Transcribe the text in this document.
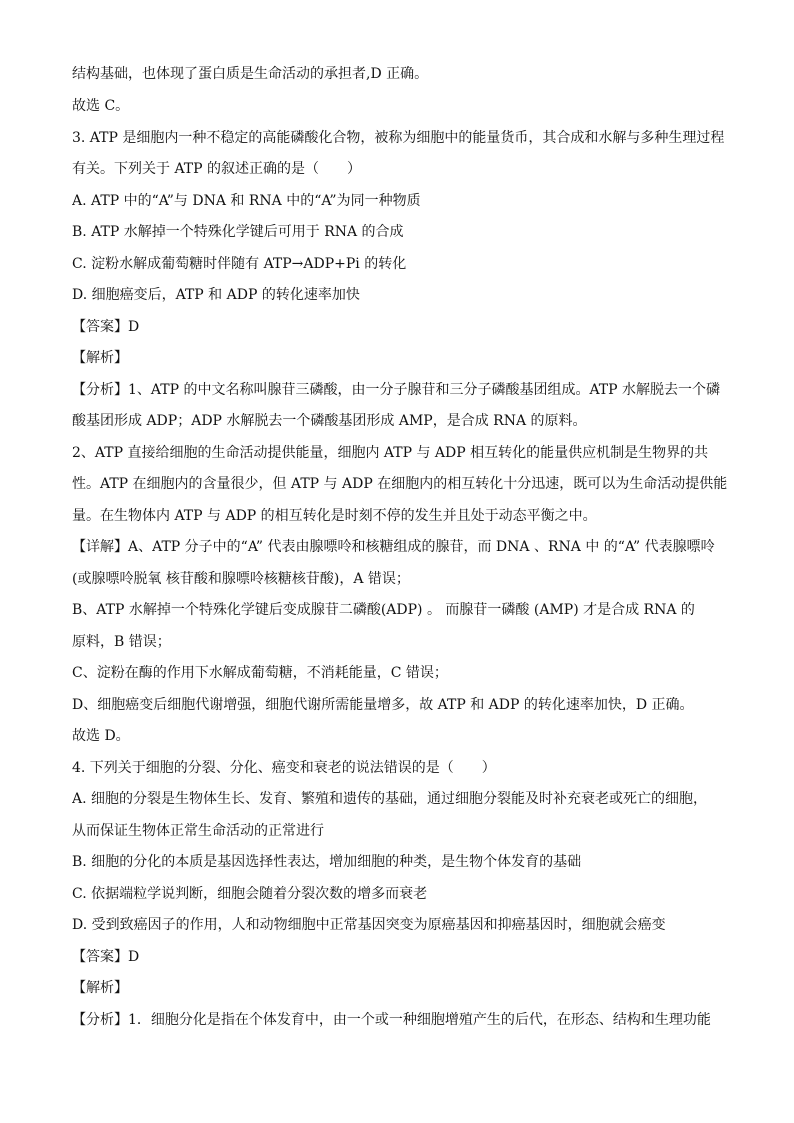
结构基础，也体现了蛋白质是生命活动的承担者,D 正确。
故选 C。
3. ATP 是细胞内一种不稳定的高能磷酸化合物，被称为细胞中的能量货币，其合成和水解与多种生理过程
有关。下列关于 ATP 的叙述正确的是（　　）
A. ATP 中的“A”与 DNA 和 RNA 中的“A”为同一种物质
B. ATP 水解掉一个特殊化学键后可用于 RNA 的合成
C. 淀粉水解成葡萄糖时伴随有 ATP→ADP+Pi 的转化
D. 细胞癌变后，ATP 和 ADP 的转化速率加快
【答案】D
【解析】
【分析】1、ATP 的中文名称叫腺苷三磷酸，由一分子腺苷和三分子磷酸基团组成。ATP 水解脱去一个磷
酸基团形成 ADP；ADP 水解脱去一个磷酸基团形成 AMP，是合成 RNA 的原料。
2、ATP 直接给细胞的生命活动提供能量，细胞内 ATP 与 ADP 相互转化的能量供应机制是生物界的共
性。ATP 在细胞内的含量很少，但 ATP 与 ADP 在细胞内的相互转化十分迅速，既可以为生命活动提供能
量。在生物体内 ATP 与 ADP 的相互转化是时刻不停的发生并且处于动态平衡之中。
【详解】A、ATP 分子中的“A” 代表由腺嘌呤和核糖组成的腺苷，而 DNA 、RNA 中 的“A” 代表腺嘌呤
(或腺嘌呤脱氧 核苷酸和腺嘌呤核糖核苷酸)，A 错误；
B、ATP 水解掉一个特殊化学键后变成腺苷二磷酸(ADP) 。 而腺苷一磷酸 (AMP) 才是合成 RNA 的
原料，B 错误；
C、淀粉在酶的作用下水解成葡萄糖，不消耗能量，C 错误；
D、细胞癌变后细胞代谢增强，细胞代谢所需能量增多，故 ATP 和 ADP 的转化速率加快，D 正确。
故选 D。
4. 下列关于细胞的分裂、分化、癌变和衰老的说法错误的是（　　）
A. 细胞的分裂是生物体生长、发育、繁殖和遗传的基础，通过细胞分裂能及时补充衰老或死亡的细胞，
从而保证生物体正常生命活动的正常进行
B. 细胞的分化的本质是基因选择性表达，增加细胞的种类，是生物个体发育的基础
C. 依据端粒学说判断，细胞会随着分裂次数的增多而衰老
D. 受到致癌因子的作用，人和动物细胞中正常基因突变为原癌基因和抑癌基因时，细胞就会癌变
【答案】D
【解析】
【分析】1．细胞分化是指在个体发育中，由一个或一种细胞增殖产生的后代，在形态、结构和生理功能
